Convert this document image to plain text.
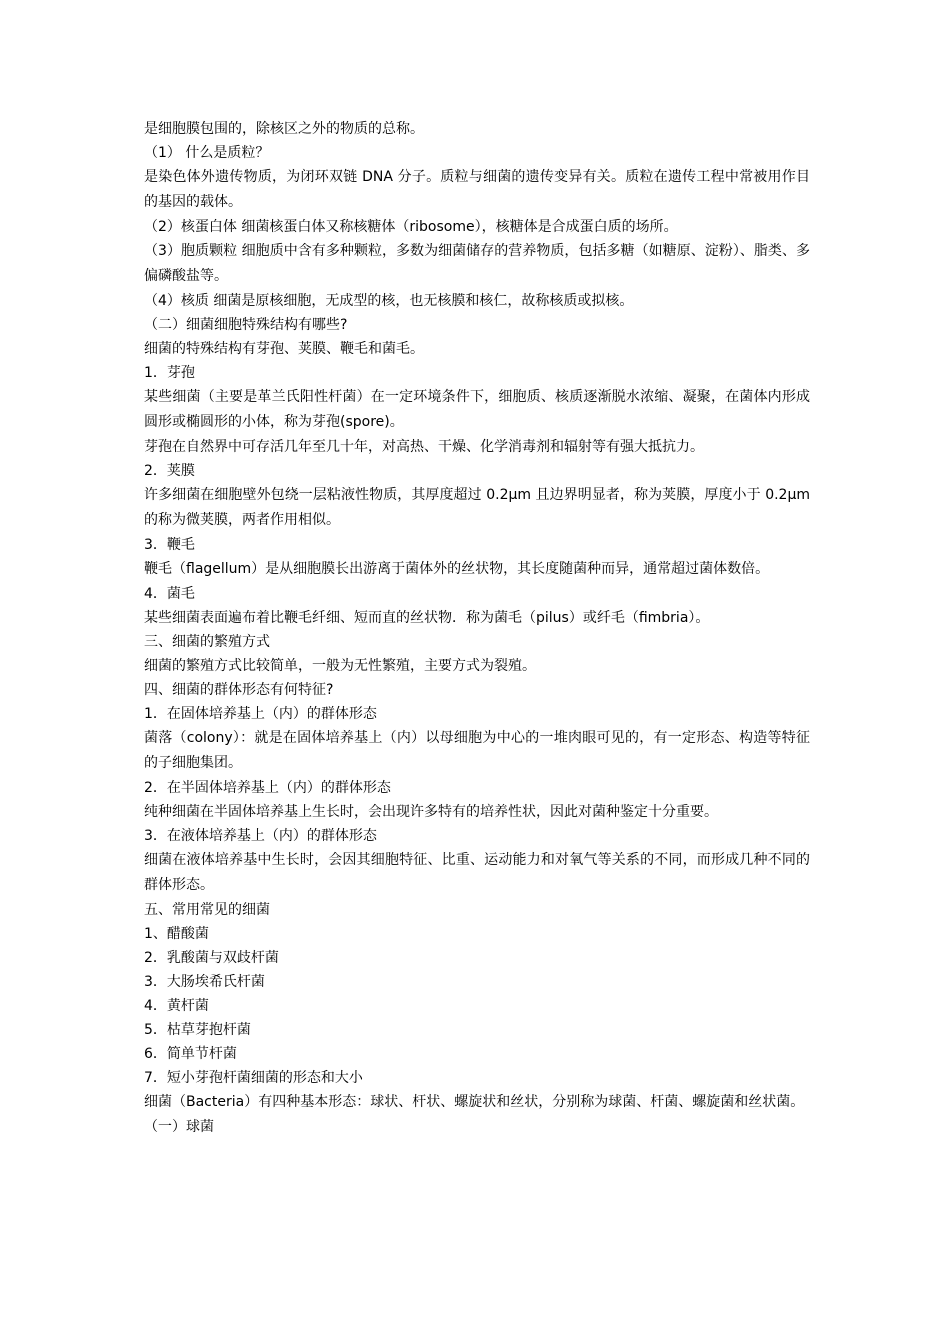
是细胞膜包围的，除核区之外的物质的总称。
（1） 什么是质粒？
是染色体外遗传物质，为闭环双链 DNA 分子。质粒与细菌的遗传变异有关。质粒在遗传工程中常被用作目的基因的载体。
（2）核蛋白体 细菌核蛋白体又称核糖体（ribosome），核糖体是合成蛋白质的场所。
（3）胞质颗粒 细胞质中含有多种颗粒，多数为细菌储存的营养物质，包括多糖（如糖原、淀粉）、脂类、多偏磷酸盐等。
（4）核质 细菌是原核细胞，无成型的核，也无核膜和核仁，故称核质或拟核。
（二）细菌细胞特殊结构有哪些?
细菌的特殊结构有芽孢、荚膜、鞭毛和菌毛。
1．芽孢
某些细菌（主要是革兰氏阳性杆菌）在一定环境条件下，细胞质、核质逐渐脱水浓缩、凝聚，在菌体内形成圆形或椭圆形的小体，称为芽孢(spore)。
芽孢在自然界中可存活几年至几十年，对高热、干燥、化学消毒剂和辐射等有强大抵抗力。
2．荚膜
许多细菌在细胞壁外包绕一层粘液性物质，其厚度超过 0.2μm 且边界明显者，称为荚膜，厚度小于 0.2μm 的称为微荚膜，两者作用相似。
3．鞭毛
鞭毛（flagellum）是从细胞膜长出游离于菌体外的丝状物，其长度随菌种而异，通常超过菌体数倍。
4．菌毛
某些细菌表面遍布着比鞭毛纤细、短而直的丝状物．称为菌毛（pilus）或纤毛（fimbria）。
三、细菌的繁殖方式
细菌的繁殖方式比较简单，一般为无性繁殖，主要方式为裂殖。
四、细菌的群体形态有何特征?
1．在固体培养基上（内）的群体形态
菌落（colony）：就是在固体培养基上（内）以母细胞为中心的一堆肉眼可见的，有一定形态、构造等特征的子细胞集团。
2．在半固体培养基上（内）的群体形态
纯种细菌在半固体培养基上生长时，会出现许多特有的培养性状，因此对菌种鉴定十分重要。
3．在液体培养基上（内）的群体形态
细菌在液体培养基中生长时，会因其细胞特征、比重、运动能力和对氧气等关系的不同，而形成几种不同的群体形态。
五、常用常见的细菌
1、醋酸菌
2．乳酸菌与双歧杆菌
3．大肠埃希氏杆菌
4．黄杆菌
5．枯草芽抱杆菌
6．简单节杆菌
7．短小芽孢杆菌细菌的形态和大小
细菌（Bacteria）有四种基本形态：球状、杆状、螺旋状和丝状，分别称为球菌、杆菌、螺旋菌和丝状菌。
（一）球菌
